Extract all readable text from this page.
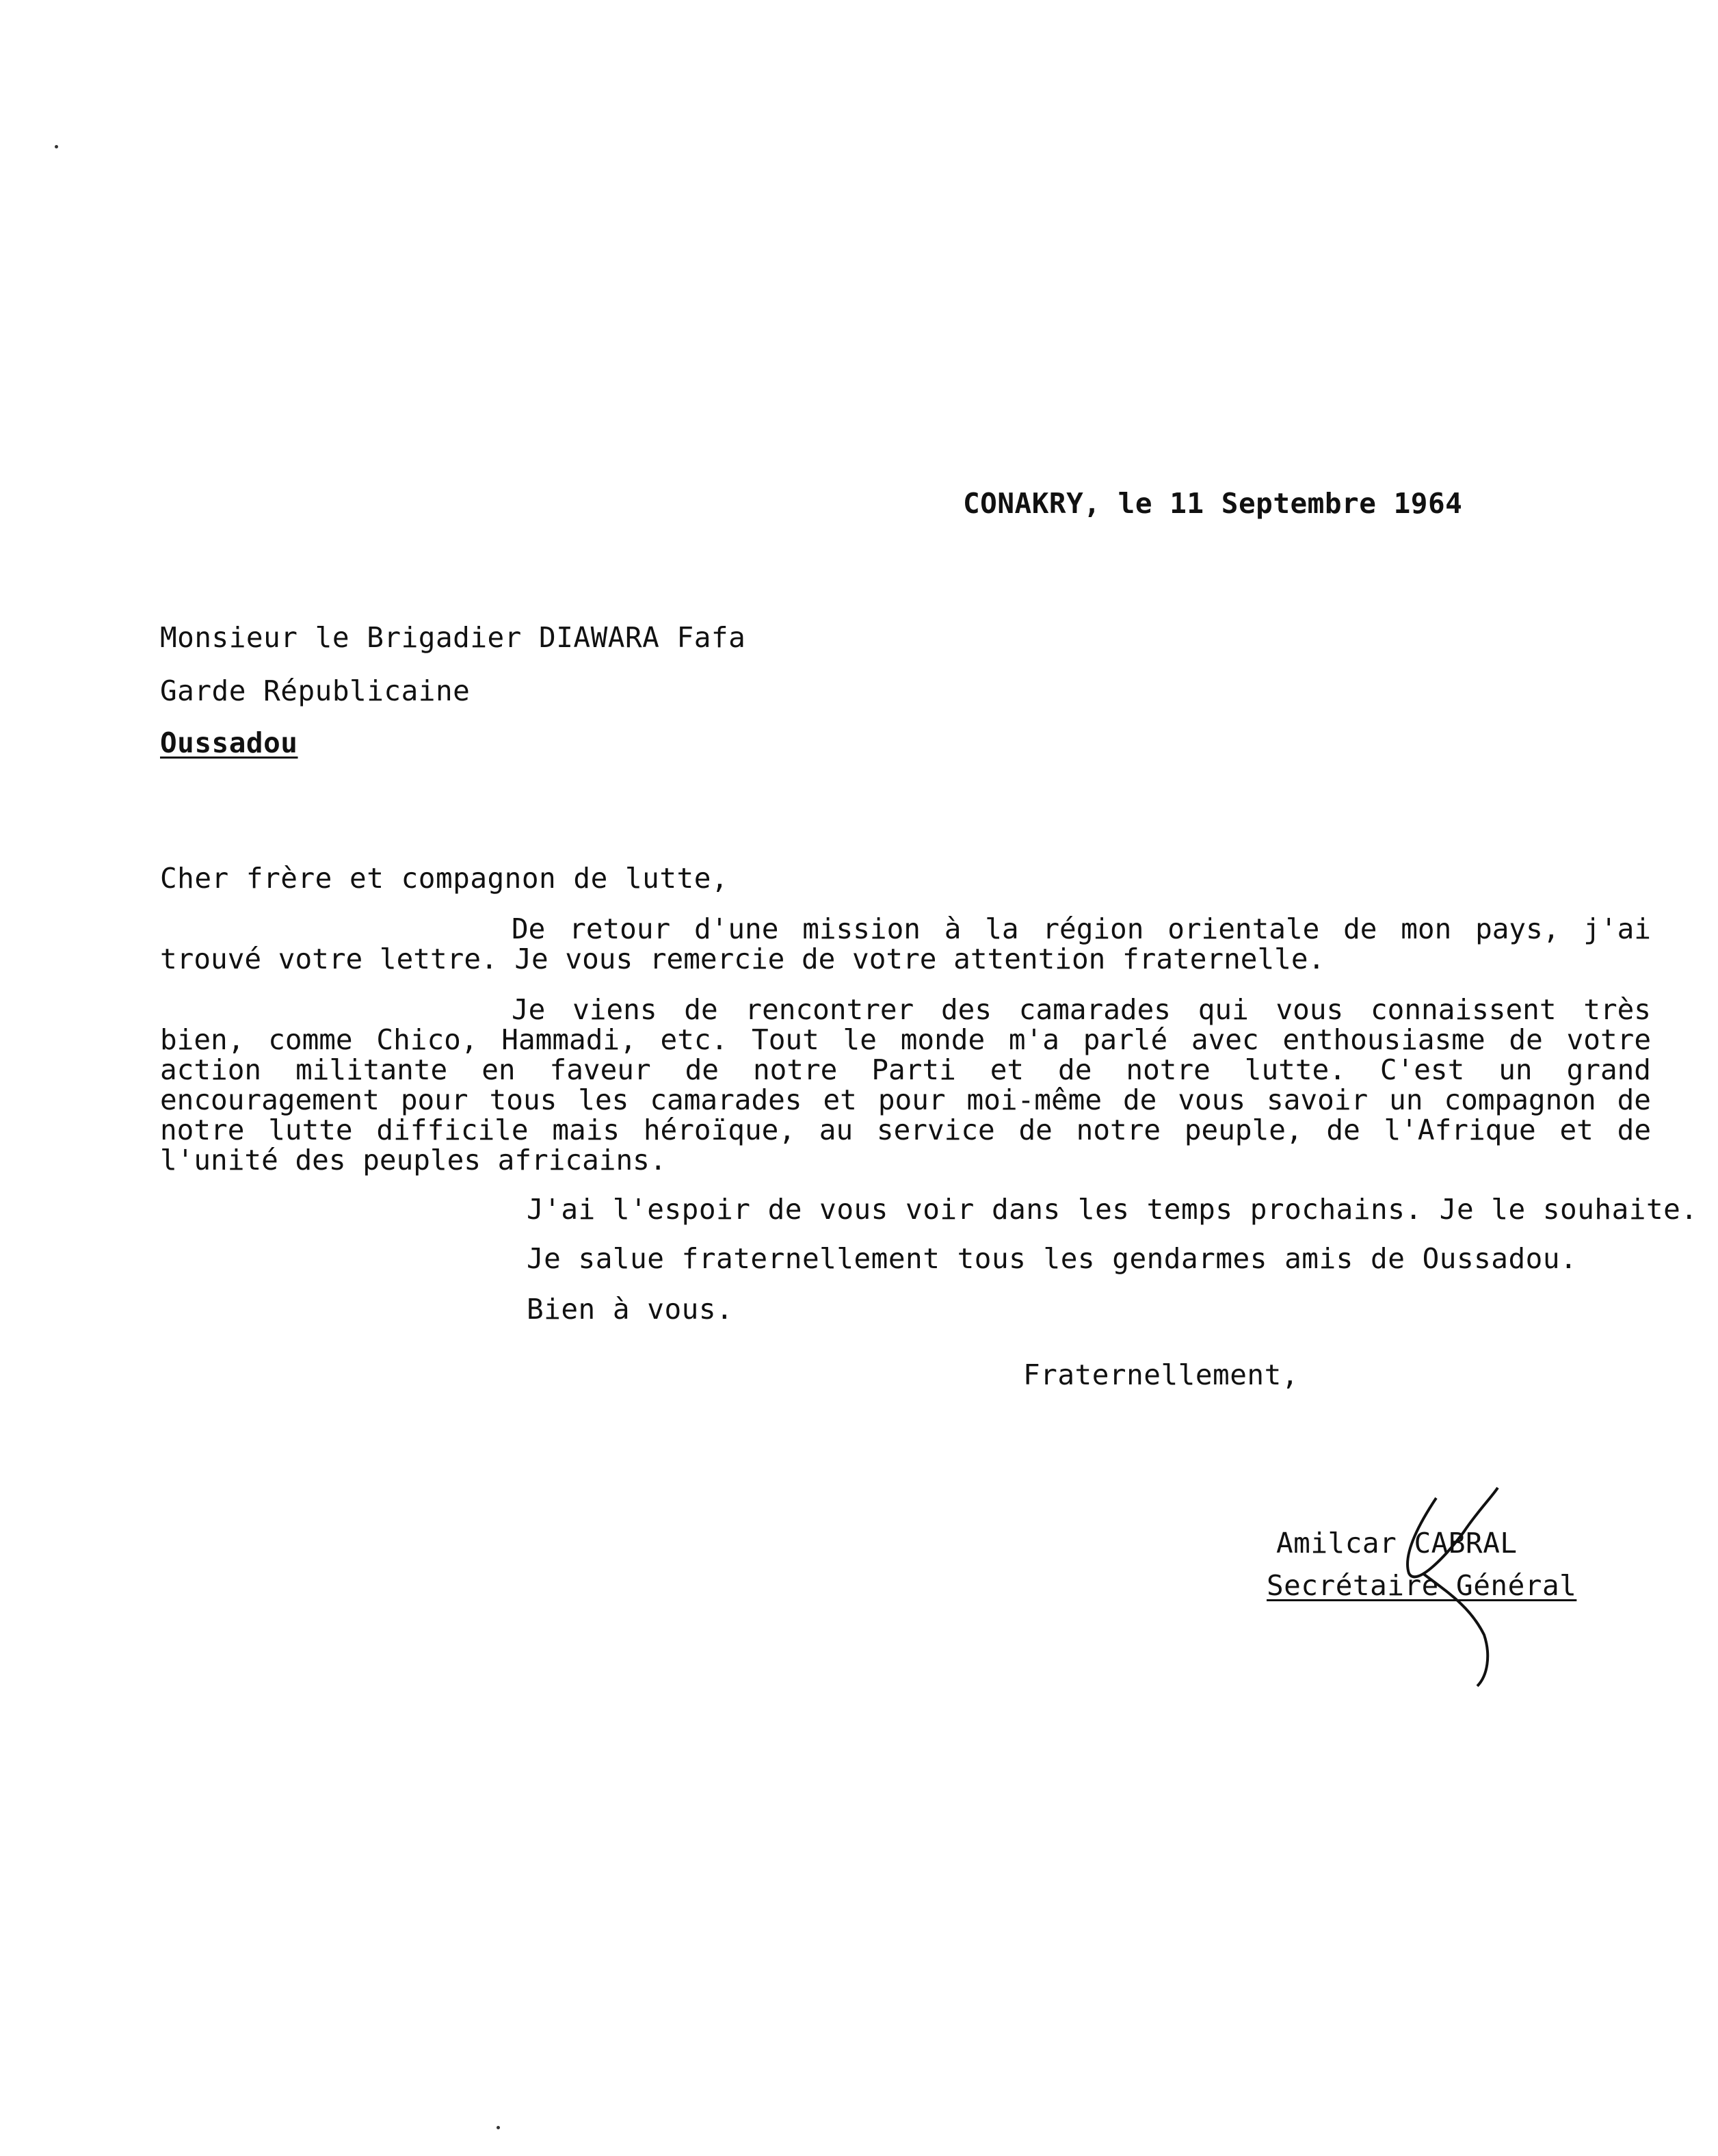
CONAKRY, le 11 Septembre 1964
Monsieur le Brigadier DIAWARA Fafa
Garde Républicaine
Oussadou
Cher frère et compagnon de lutte,

De retour d'une mission à la région orientale de mon pays, j'ai trouvé votre lettre. Je vous remercie de votre attention fraternelle.

Je viens de rencontrer des camarades qui vous connaissent très bien, comme Chico, Hammadi, etc. Tout le monde m'a parlé avec enthousiasme de votre action militante en faveur de notre Parti et de notre lutte. C'est un grand encouragement pour tous les camarades et pour moi-même de vous savoir un compagnon de notre lutte difficile mais héroïque, au service de notre peuple, de l'Afrique et de l'unité des peuples africains.

J'ai l'espoir de vous voir dans les temps prochains. Je le souhaite.
Je salue fraternellement tous les gendarmes amis de Oussadou.
Bien à vous.
Fraternellement,
Amilcar CABRAL
Secrétaire Général
